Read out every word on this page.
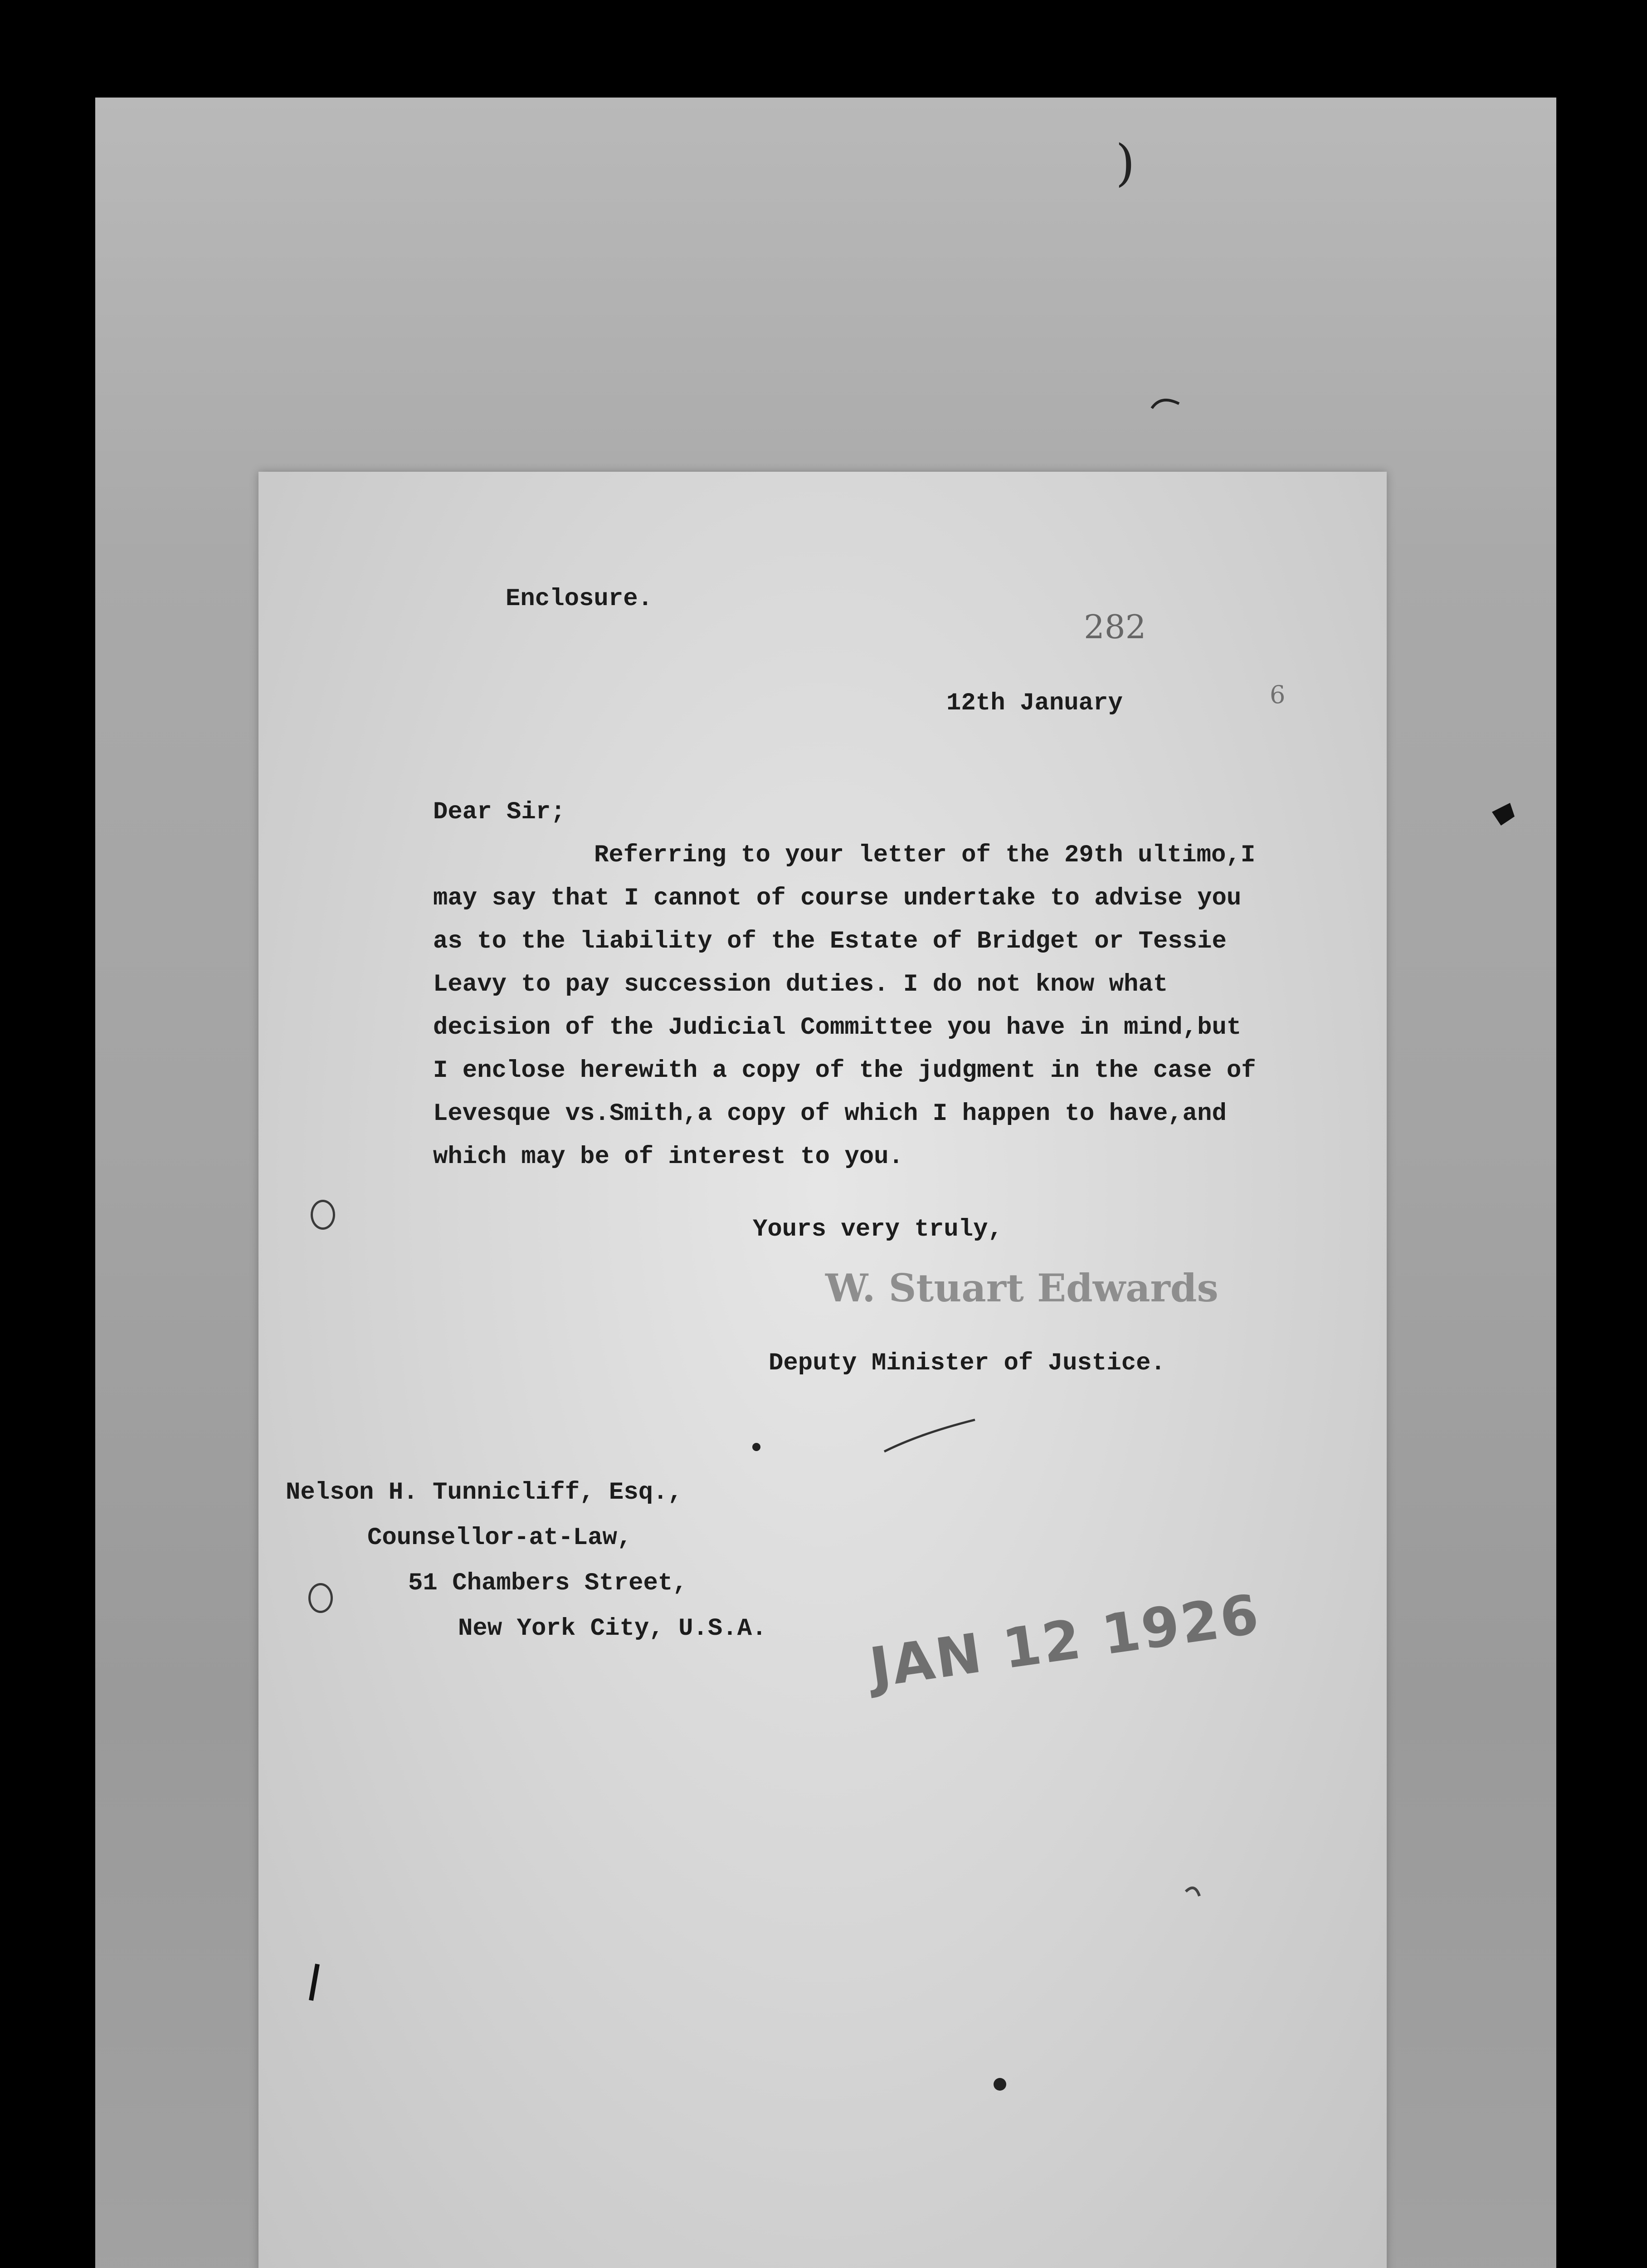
)
Enclosure.
282
12th January	6
Dear Sir;
Referring to your letter of the 29th ultimo,I
may say that I cannot of course undertake to advise you
as to the liability of the Estate of Bridget or Tessie
Leavy to pay succession duties. I do not know what
decision of the Judicial Committee you have in mind,but
I enclose herewith a copy of the judgment in the case of
Levesque vs.Smith,a copy of which I happen to have,and
which may be of interest to you.
Yours very truly,
W. Stuart Edwards
Deputy Minister of Justice.
Nelson H. Tunnicliff, Esq.,
Counsellor-at-Law,
51 Chambers Street,
New York City, U.S.A. JAN 12 1926
